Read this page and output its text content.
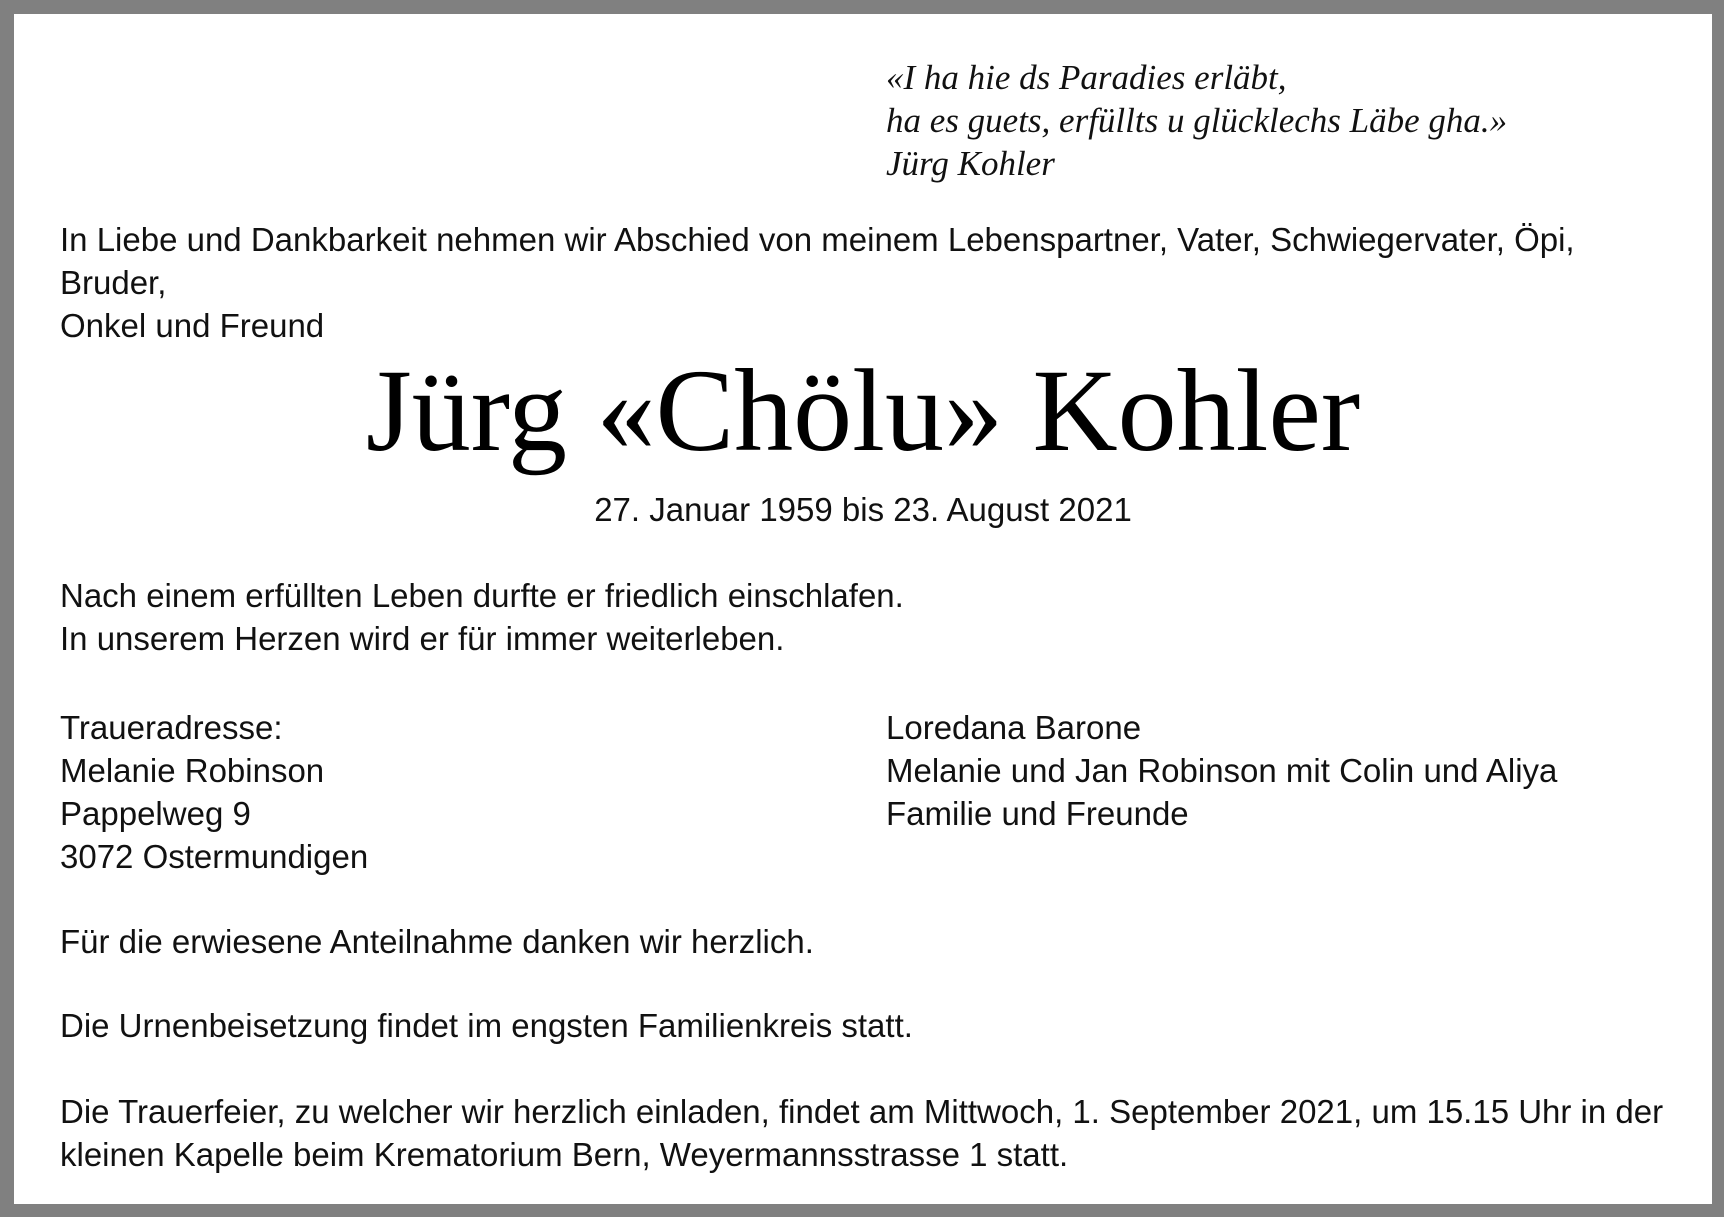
«I ha hie ds Paradies erläbt,
ha es guets, erfüllts u glücklechs Läbe gha.»
Jürg Kohler
In Liebe und Dankbarkeit nehmen wir Abschied von meinem Lebenspartner, Vater, Schwiegervater, Öpi, Bruder,
Onkel und Freund
Jürg «Chölu» Kohler
27. Januar 1959 bis 23. August 2021
Nach einem erfüllten Leben durfte er friedlich einschlafen.
In unserem Herzen wird er für immer weiterleben.
Traueradresse:
Melanie Robinson
Pappelweg 9
3072 Ostermundigen
Loredana Barone
Melanie und Jan Robinson mit Colin und Aliya
Familie und Freunde
Für die erwiesene Anteilnahme danken wir herzlich.
Die Urnenbeisetzung findet im engsten Familienkreis statt.
Die Trauerfeier, zu welcher wir herzlich einladen, findet am Mittwoch, 1. September 2021, um 15.15 Uhr in der
kleinen Kapelle beim Krematorium Bern, Weyermannsstrasse 1 statt.
